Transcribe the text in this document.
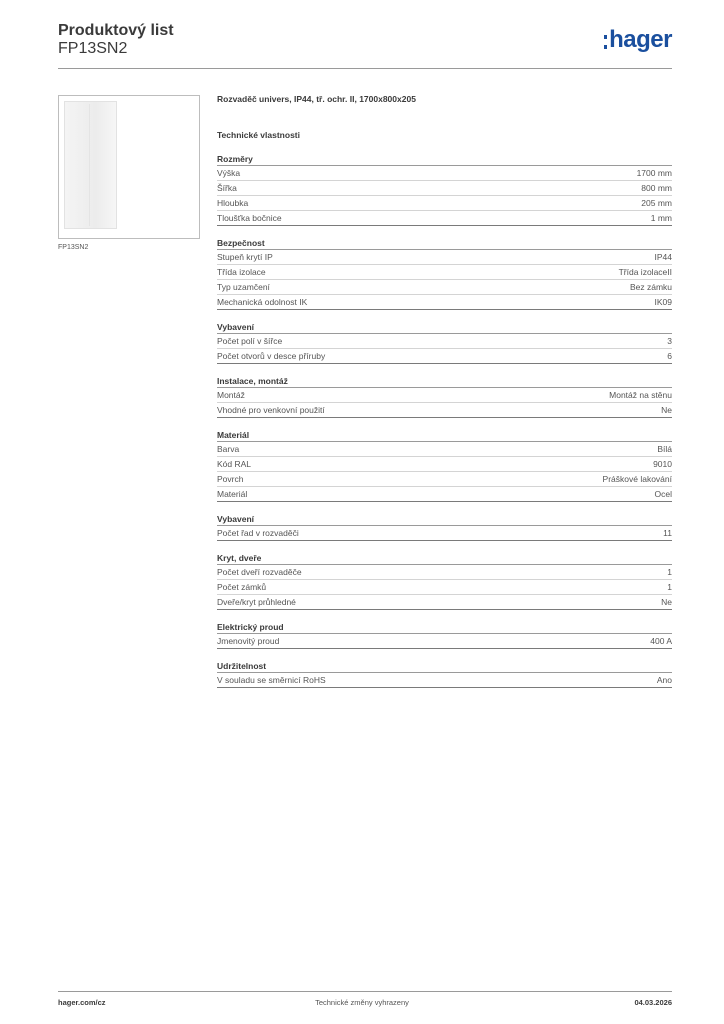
Produktový list
FP13SN2	hager
FP13SN2
Rozvaděč univers, IP44, tř. ochr. II, 1700x800x205
Technické vlastnosti
Rozměry
Výška	1700 mm
Šířka	800 mm
Hloubka	205 mm
Tloušťka bočnice	1 mm
Bezpečnost
Stupeň krytí IP	IP44
Třída izolace	Třída izolaceII
Typ uzamčení	Bez zámku
Mechanická odolnost IK	IK09
Vybavení
Počet polí v šířce	3
Počet otvorů v desce příruby	6
Instalace, montáž
Montáž	Montáž na stěnu
Vhodné pro venkovní použití	Ne
Materiál
Barva	Bílá
Kód RAL	9010
Povrch	Práškové lakování
Materiál	Ocel
Vybavení
Počet řad v rozvaděči	11
Kryt, dveře
Počet dveří rozvaděče	1
Počet zámků	1
Dveře/kryt průhledné	Ne
Elektrický proud
Jmenovitý proud	400 A
Udržitelnost
V souladu se směrnicí RoHS	Ano
hager.com/cz	Technické změny vyhrazeny	04.03.2026
